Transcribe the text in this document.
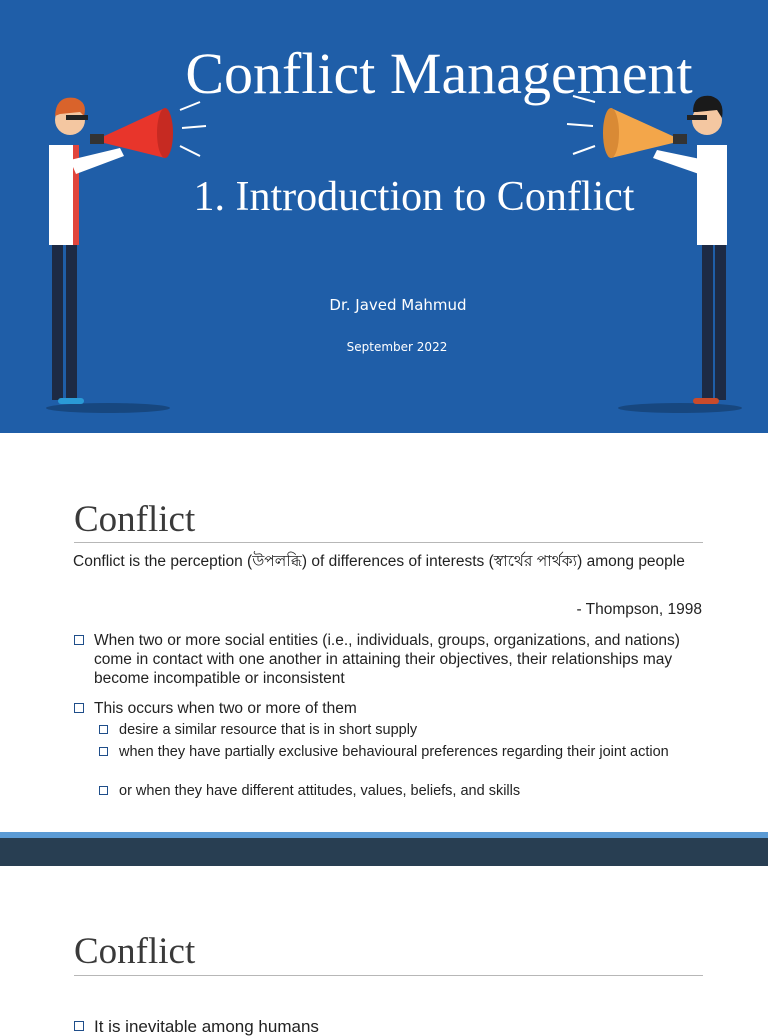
Conflict Management
1. Introduction to Conflict
Dr. Javed Mahmud
September 2022
Conflict
Conflict is the perception (উপলব্ধি) of differences of interests (স্বার্থের পার্থক্য) among people
- Thompson, 1998
When two or more social entities (i.e., individuals, groups, organizations, and nations) come in contact with one another in attaining their objectives, their relationships may become incompatible or inconsistent
This occurs when two or more of them
desire a similar resource that is in short supply
when they have partially exclusive behavioural preferences regarding their joint action
or when they have different attitudes, values, beliefs, and skills
Conflict
It is inevitable among humans
